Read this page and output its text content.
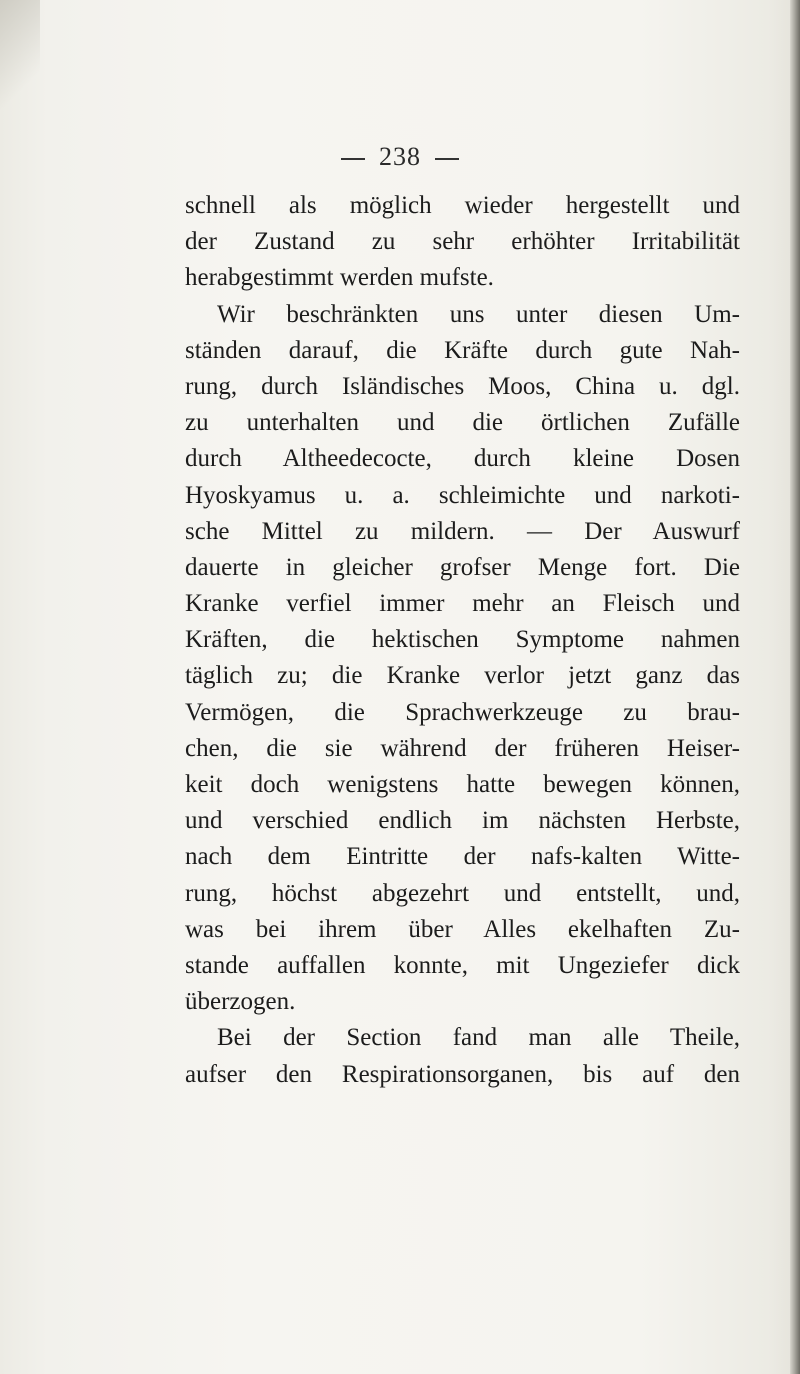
238
schnell als möglich wieder hergestellt und
der Zustand zu sehr erhöhter Irritabilität
herabgestimmt werden mufste.
Wir beschränkten uns unter diesen Um-
ständen darauf, die Kräfte durch gute Nah-
rung, durch Isländisches Moos, China u. dgl.
zu unterhalten und die örtlichen Zufälle
durch Altheedecocte, durch kleine Dosen
Hyoskyamus u. a. schleimichte und narkoti-
sche Mittel zu mildern. — Der Auswurf
dauerte in gleicher grofser Menge fort. Die
Kranke verfiel immer mehr an Fleisch und
Kräften, die hektischen Symptome nahmen
täglich zu; die Kranke verlor jetzt ganz das
Vermögen, die Sprachwerkzeuge zu brau-
chen, die sie während der früheren Heiser-
keit doch wenigstens hatte bewegen können,
und verschied endlich im nächsten Herbste,
nach dem Eintritte der nafs-kalten Witte-
rung, höchst abgezehrt und entstellt, und,
was bei ihrem über Alles ekelhaften Zu-
stande auffallen konnte, mit Ungeziefer dick
überzogen.
Bei der Section fand man alle Theile,
aufser den Respirationsorganen, bis auf den
